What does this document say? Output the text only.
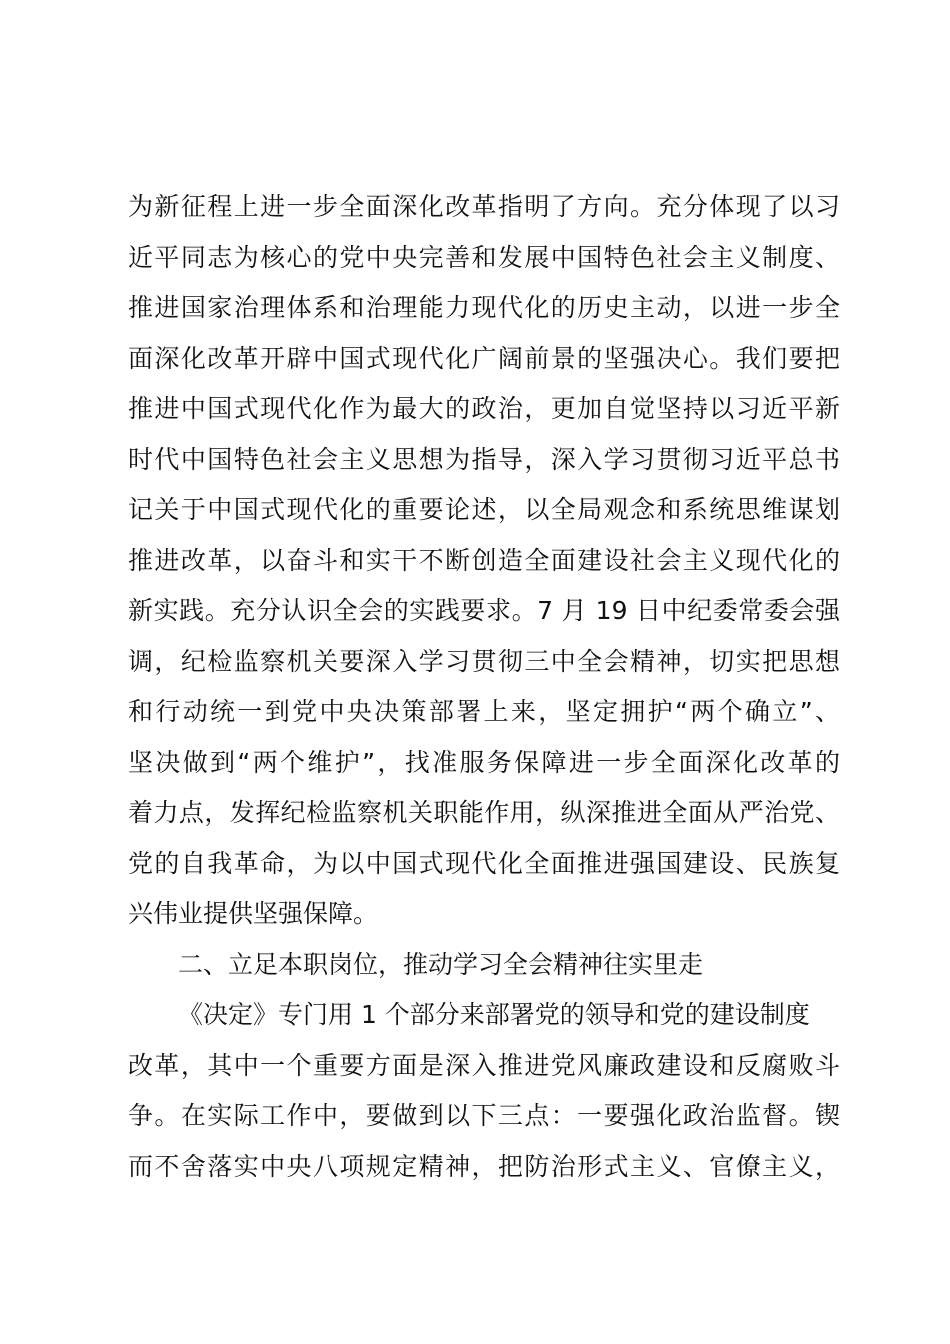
为新征程上进一步全面深化改革指明了方向。充分体现了以习
近平同志为核心的党中央完善和发展中国特色社会主义制度、
推进国家治理体系和治理能力现代化的历史主动，以进一步全
面深化改革开辟中国式现代化广阔前景的坚强决心。我们要把
推进中国式现代化作为最大的政治，更加自觉坚持以习近平新
时代中国特色社会主义思想为指导，深入学习贯彻习近平总书
记关于中国式现代化的重要论述，以全局观念和系统思维谋划
推进改革，以奋斗和实干不断创造全面建设社会主义现代化的
新实践。充分认识全会的实践要求。7 月 19 日中纪委常委会强
调，纪检监察机关要深入学习贯彻三中全会精神，切实把思想
和行动统一到党中央决策部署上来，坚定拥护“两个确立”、
坚决做到“两个维护”，找准服务保障进一步全面深化改革的
着力点，发挥纪检监察机关职能作用，纵深推进全面从严治党、
党的自我革命，为以中国式现代化全面推进强国建设、民族复
兴伟业提供坚强保障。
二、立足本职岗位，推动学习全会精神往实里走
《决定》专门用 1 个部分来部署党的领导和党的建设制度
改革，其中一个重要方面是深入推进党风廉政建设和反腐败斗
争。在实际工作中，要做到以下三点：一要强化政治监督。锲
而不舍落实中央八项规定精神，把防治形式主义、官僚主义，
